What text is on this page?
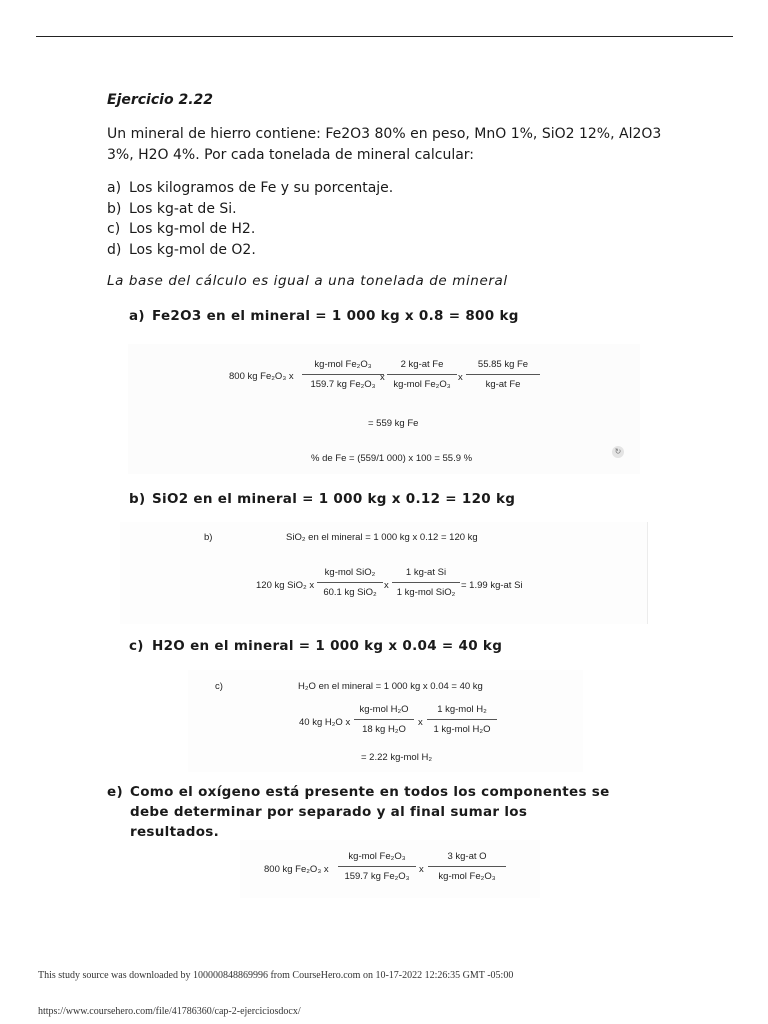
Ejercicio 2.22
Un mineral de hierro contiene: Fe2O3 80% en peso, MnO 1%, SiO2 12%, Al2O3 3%, H2O 4%. Por cada tonelada de mineral calcular:
a) Los kilogramos de Fe y su porcentaje.
b) Los kg-at de Si.
c) Los kg-mol de H2.
d) Los kg-mol de O2.
La base del cálculo es igual a una tonelada de mineral
a) Fe2O3 en el mineral = 1 000 kg x 0.8 = 800 kg
800 kg Fe₂O₃ x
kg-mol Fe₂O₃
159.7 kg Fe₂O₃
x
2 kg-at Fe
kg-mol Fe₂O₃
x
55.85 kg Fe
kg-at Fe
= 559 kg Fe
% de Fe = (559/1 000) x 100 = 55.9 %
↻
b) SiO2 en el mineral = 1 000 kg x 0.12 = 120 kg
b)	SiO₂ en el mineral = 1 000 kg x 0.12 = 120 kg
120 kg SiO₂ x
kg-mol SiO₂
60.1 kg SiO₂
x
1 kg-at Si
1 kg-mol SiO₂
= 1.99 kg-at Si
c) H2O en el mineral = 1 000 kg x 0.04 = 40 kg
c)	H₂O en el mineral = 1 000 kg x 0.04 = 40 kg
40 kg H₂O x
kg-mol H₂O
18 kg H₂O
x
1 kg-mol H₂
1 kg-mol H₂O
= 2.22 kg-mol H₂
e) Como el oxígeno está presente en todos los componentes se debe determinar por separado y al final sumar los resultados.
800 kg Fe₂O₃ x
kg-mol Fe₂O₃
159.7 kg Fe₂O₃
x
3 kg-at O
kg-mol Fe₂O₃
This study source was downloaded by 100000848869996 from CourseHero.com on 10-17-2022 12:26:35 GMT -05:00
https://www.coursehero.com/file/41786360/cap-2-ejerciciosdocx/
